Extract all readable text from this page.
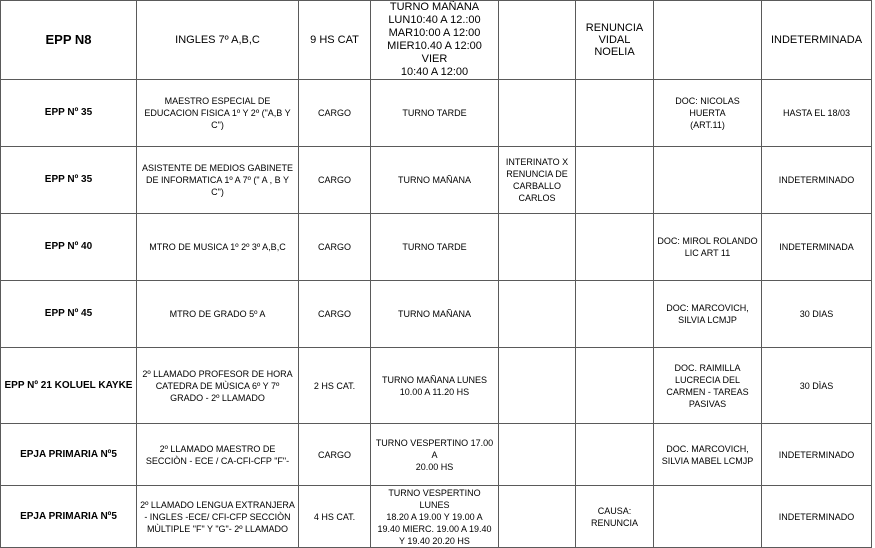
EPP N8	INGLES 7º A,B,C	9 HS CAT	TURNO MAÑANA
LUN10:40 A 12.:00
MAR10:00 A 12:00
MIER10.40 A 12:00 VIER
10:40 A 12:00		RENUNCIA
VIDAL NOELIA		INDETERMINADA
EPP Nº 35	MAESTRO ESPECIAL DE EDUCACION FISICA 1º Y 2º ("A,B Y C")	CARGO	TURNO TARDE			DOC: NICOLAS HUERTA
(ART.11)	HASTA EL 18/03
EPP Nº 35	ASISTENTE DE MEDIOS GABINETE DE INFORMATICA 1º A 7º (" A , B Y C")	CARGO	TURNO MAÑANA	INTERINATO X RENUNCIA DE CARBALLO CARLOS			INDETERMINADO
EPP Nº 40	MTRO DE MUSICA 1º 2º 3º A,B,C	CARGO	TURNO TARDE			DOC: MIROL ROLANDO
LIC ART 11	INDETERMINADA
EPP Nº 45	MTRO DE GRADO 5º A	CARGO	TURNO MAÑANA			DOC: MARCOVICH,
SILVIA LCMJP	30 DIAS
EPP Nº 21 KOLUEL KAYKE	2º LLAMADO PROFESOR DE HORA CATEDRA DE MÙSICA 6º Y 7º GRADO - 2º LLAMADO	2 HS CAT.	TURNO MAÑANA LUNES
10.00 A 11.20 HS			DOC. RAIMILLA LUCRECIA DEL CARMEN - TAREAS PASIVAS	30 DÌAS
EPJA PRIMARIA Nº5	2º LLAMADO MAESTRO DE SECCIÒN - ECE / CA-CFI-CFP "F"-	CARGO	TURNO VESPERTINO 17.00 A
20.00 HS			DOC. MARCOVICH,
SILVIA MABEL LCMJP	INDETERMINADO
EPJA PRIMARIA Nº5	2º LLAMADO LENGUA EXTRANJERA - INGLES -ECE/ CFI-CFP SECCIÒN MÙLTIPLE "F" Y "G"- 2º LLAMADO	4 HS CAT.	TURNO VESPERTINO LUNES
18.20 A 19.00 Y 19.00 A
19.40 MIERC. 19.00 A 19.40
Y 19.40 20.20 HS		CAUSA:
RENUNCIA		INDETERMINADO
